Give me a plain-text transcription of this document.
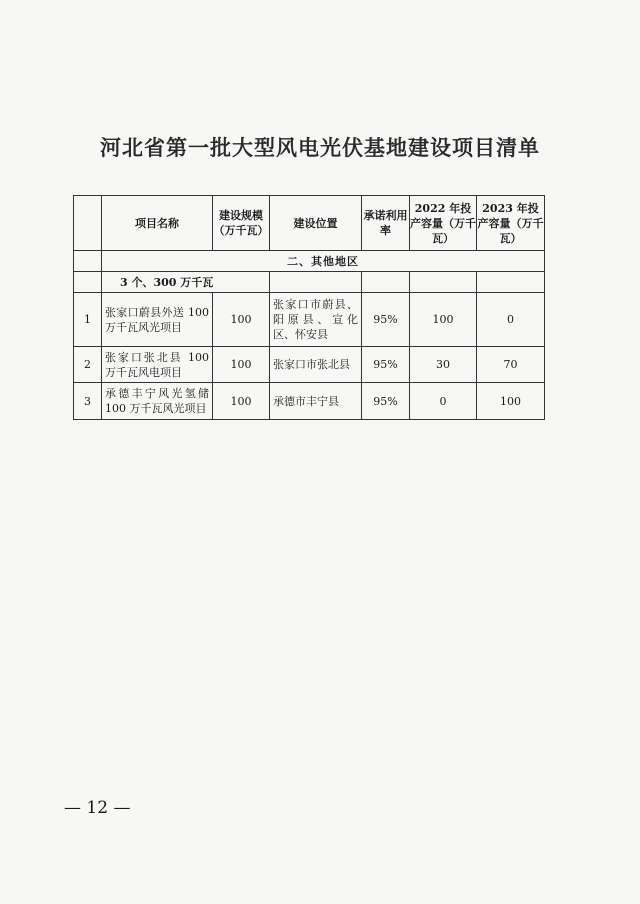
河北省第一批大型风电光伏基地建设项目清单
	项目名称	建设规模（万千瓦）	建设位置	承诺利用率	2022 年投产容量（万千瓦）	2023 年投产容量（万千瓦）
	二、其他地区					
	3 个、300 万千瓦					
1	张家口蔚县外送 100 万千瓦风光项目	100	张家口市蔚县、阳原县、宣化区、怀安县	95%	100	0
2	张家口张北县 100 万千瓦风电项目	100	张家口市张北县	95%	30	70
3	承德丰宁风光氢储 100 万千瓦风光项目	100	承德市丰宁县	95%	0	100
— 12 —
